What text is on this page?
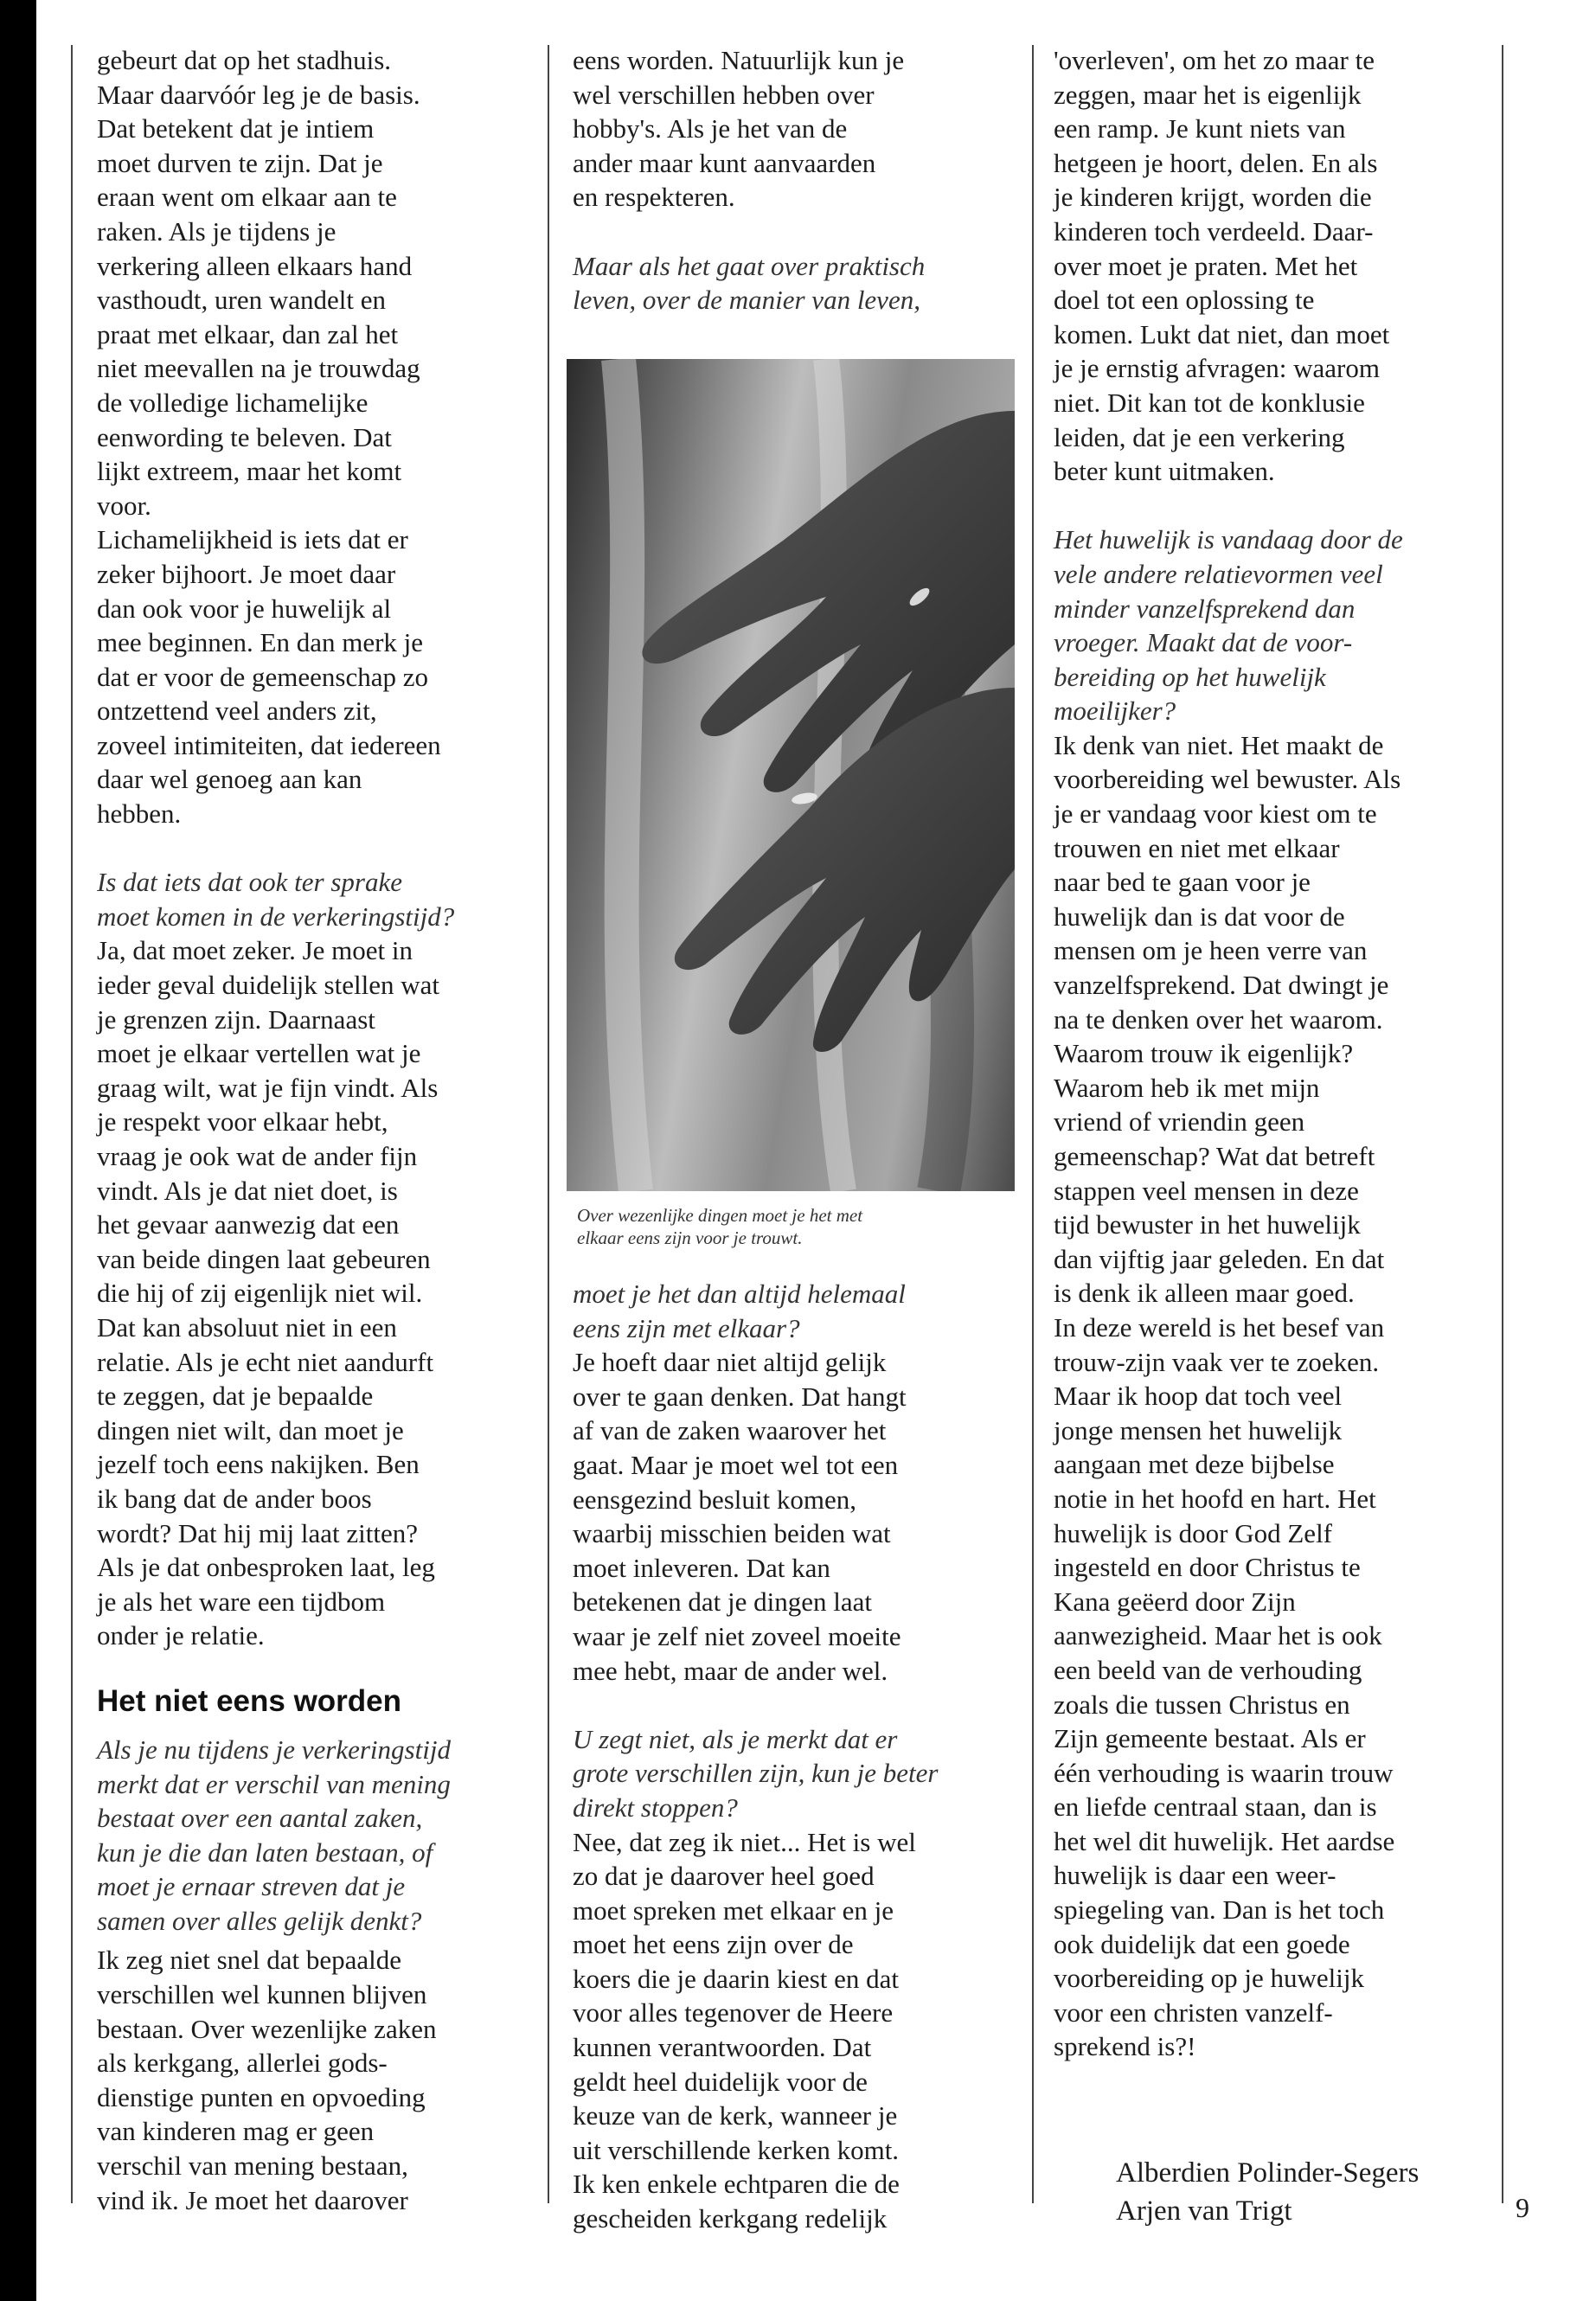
gebeurt dat op het stadhuis.
Maar daarvóór leg je de basis.
Dat betekent dat je intiem
moet durven te zijn. Dat je
eraan went om elkaar aan te
raken. Als je tijdens je
verkering alleen elkaars hand
vasthoudt, uren wandelt en
praat met elkaar, dan zal het
niet meevallen na je trouwdag
de volledige lichamelijke
eenwording te beleven. Dat
lijkt extreem, maar het komt
voor.
Lichamelijkheid is iets dat er
zeker bijhoort. Je moet daar
dan ook voor je huwelijk al
mee beginnen. En dan merk je
dat er voor de gemeenschap zo
ontzettend veel anders zit,
zoveel intimiteiten, dat iedereen
daar wel genoeg aan kan
hebben.

Is dat iets dat ook ter sprake
moet komen in de verkeringstijd?

Ja, dat moet zeker. Je moet in
ieder geval duidelijk stellen wat
je grenzen zijn. Daarnaast
moet je elkaar vertellen wat je
graag wilt, wat je fijn vindt. Als
je respekt voor elkaar hebt,
vraag je ook wat de ander fijn
vindt. Als je dat niet doet, is
het gevaar aanwezig dat een
van beide dingen laat gebeuren
die hij of zij eigenlijk niet wil.
Dat kan absoluut niet in een
relatie. Als je echt niet aandurft
te zeggen, dat je bepaalde
dingen niet wilt, dan moet je
jezelf toch eens nakijken. Ben
ik bang dat de ander boos
wordt? Dat hij mij laat zitten?
Als je dat onbesproken laat, leg
je als het ware een tijdbom
onder je relatie.

Het niet eens worden

Als je nu tijdens je verkeringstijd
merkt dat er verschil van mening
bestaat over een aantal zaken,
kun je die dan laten bestaan, of
moet je ernaar streven dat je
samen over alles gelijk denkt?

Ik zeg niet snel dat bepaalde
verschillen wel kunnen blijven
bestaan. Over wezenlijke zaken
als kerkgang, allerlei gods-
dienstige punten en opvoeding
van kinderen mag er geen
verschil van mening bestaan,
vind ik. Je moet het daarover

eens worden. Natuurlijk kun je
wel verschillen hebben over
hobby's. Als je het van de
ander maar kunt aanvaarden
en respekteren.

Maar als het gaat over praktisch
leven, over de manier van leven,

Over wezenlijke dingen moet je het met
elkaar eens zijn voor je trouwt.

moet je het dan altijd helemaal
eens zijn met elkaar?

Je hoeft daar niet altijd gelijk
over te gaan denken. Dat hangt
af van de zaken waarover het
gaat. Maar je moet wel tot een
eensgezind besluit komen,
waarbij misschien beiden wat
moet inleveren. Dat kan
betekenen dat je dingen laat
waar je zelf niet zoveel moeite
mee hebt, maar de ander wel.

U zegt niet, als je merkt dat er
grote verschillen zijn, kun je beter
direkt stoppen?

Nee, dat zeg ik niet... Het is wel
zo dat je daarover heel goed
moet spreken met elkaar en je
moet het eens zijn over de
koers die je daarin kiest en dat
voor alles tegenover de Heere
kunnen verantwoorden. Dat
geldt heel duidelijk voor de
keuze van de kerk, wanneer je
uit verschillende kerken komt.
Ik ken enkele echtparen die de
gescheiden kerkgang redelijk

'overleven', om het zo maar te
zeggen, maar het is eigenlijk
een ramp. Je kunt niets van
hetgeen je hoort, delen. En als
je kinderen krijgt, worden die
kinderen toch verdeeld. Daar-
over moet je praten. Met het
doel tot een oplossing te
komen. Lukt dat niet, dan moet
je je ernstig afvragen: waarom
niet. Dit kan tot de konklusie
leiden, dat je een verkering
beter kunt uitmaken.

Het huwelijk is vandaag door de
vele andere relatievormen veel
minder vanzelfsprekend dan
vroeger. Maakt dat de voor-
bereiding op het huwelijk
moeilijker?

Ik denk van niet. Het maakt de
voorbereiding wel bewuster. Als
je er vandaag voor kiest om te
trouwen en niet met elkaar
naar bed te gaan voor je
huwelijk dan is dat voor de
mensen om je heen verre van
vanzelfsprekend. Dat dwingt je
na te denken over het waarom.
Waarom trouw ik eigenlijk?
Waarom heb ik met mijn
vriend of vriendin geen
gemeenschap? Wat dat betreft
stappen veel mensen in deze
tijd bewuster in het huwelijk
dan vijftig jaar geleden. En dat
is denk ik alleen maar goed.
In deze wereld is het besef van
trouw-zijn vaak ver te zoeken.
Maar ik hoop dat toch veel
jonge mensen het huwelijk
aangaan met deze bijbelse
notie in het hoofd en hart. Het
huwelijk is door God Zelf
ingesteld en door Christus te
Kana geëerd door Zijn
aanwezigheid. Maar het is ook
een beeld van de verhouding
zoals die tussen Christus en
Zijn gemeente bestaat. Als er
één verhouding is waarin trouw
en liefde centraal staan, dan is
het wel dit huwelijk. Het aardse
huwelijk is daar een weer-
spiegeling van. Dan is het toch
ook duidelijk dat een goede
voorbereiding op je huwelijk
voor een christen vanzelf-
sprekend is?!

Alberdien Polinder-Segers
Arjen van Trigt	9
